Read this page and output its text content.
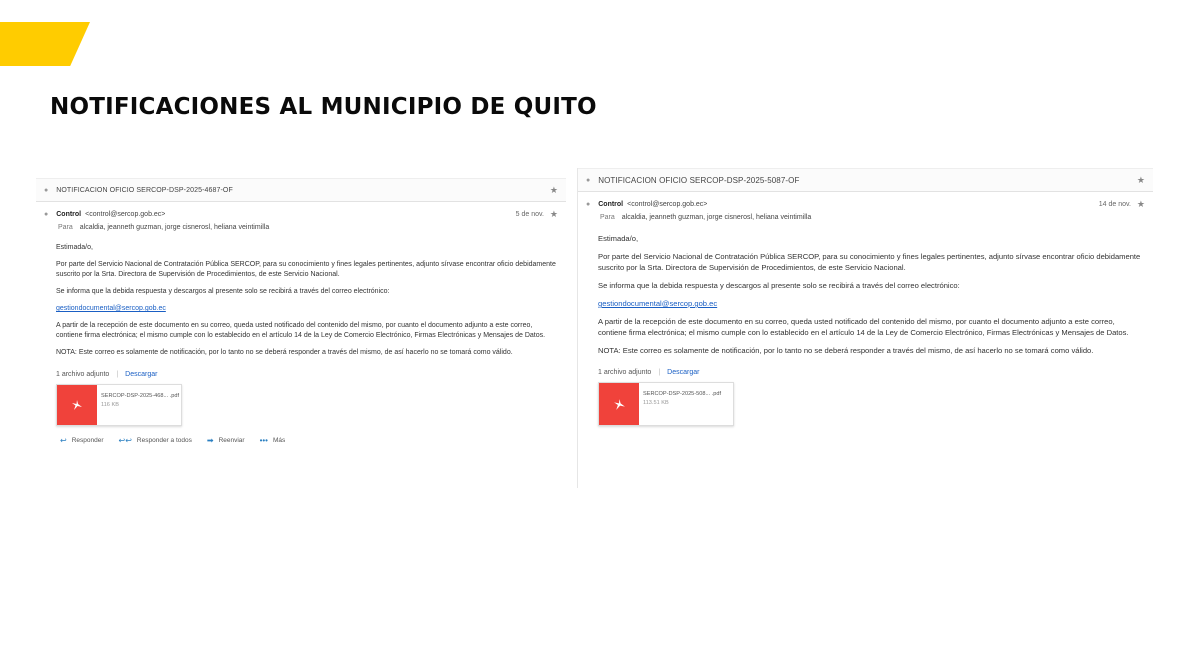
NOTIFICACIONES AL MUNICIPIO DE QUITO
● NOTIFICACION OFICIO SERCOP-DSP-2025-4687-OF	★
● Control <control@sercop.gob.ec>	5 de nov. ★
Para alcaldia, jeanneth guzman, jorge cisnerosl, heliana veintimilla

Estimada/o,

Por parte del Servicio Nacional de Contratación Pública SERCOP, para su conocimiento y fines legales pertinentes, adjunto sírvase encontrar oficio debidamente suscrito por la Srta. Directora de Supervisión de Procedimientos, de este Servicio Nacional.

Se informa que la debida respuesta y descargos al presente solo se recibirá a través del correo electrónico:

gestiondocumental@sercop.gob.ec

A partir de la recepción de este documento en su correo, queda usted notificado del contenido del mismo, por cuanto el documento adjunto a este correo, contiene firma electrónica; el mismo cumple con lo establecido en el artículo 14 de la Ley de Comercio Electrónico, Firmas Electrónicas y Mensajes de Datos.

NOTA: Este correo es solamente de notificación, por lo tanto no se deberá responder a través del mismo, de así hacerlo no se tomará como válido.

1 archivo adjunto | Descargar
SERCOP-DSP-2025-468... .pdf
116 KB
↩ Responder ↩↩ Responder a todos ➡ Reenviar ••• Más
● NOTIFICACION OFICIO SERCOP-DSP-2025-5087-OF	★
● Control <control@sercop.gob.ec>	14 de nov. ★
Para alcaldia, jeanneth guzman, jorge cisnerosl, heliana veintimilla

Estimada/o,

Por parte del Servicio Nacional de Contratación Pública SERCOP, para su conocimiento y fines legales pertinentes, adjunto sírvase encontrar oficio debidamente suscrito por la Srta. Directora de Supervisión de Procedimientos, de este Servicio Nacional.

Se informa que la debida respuesta y descargos al presente solo se recibirá a través del correo electrónico:

gestiondocumental@sercop.gob.ec

A partir de la recepción de este documento en su correo, queda usted notificado del contenido del mismo, por cuanto el documento adjunto a este correo, contiene firma electrónica; el mismo cumple con lo establecido en el artículo 14 de la Ley de Comercio Electrónico, Firmas Electrónicas y Mensajes de Datos.

NOTA: Este correo es solamente de notificación, por lo tanto no se deberá responder a través del mismo, de así hacerlo no se tomará como válido.

1 archivo adjunto | Descargar
SERCOP-DSP-2025-508... .pdf
113.51 KB
